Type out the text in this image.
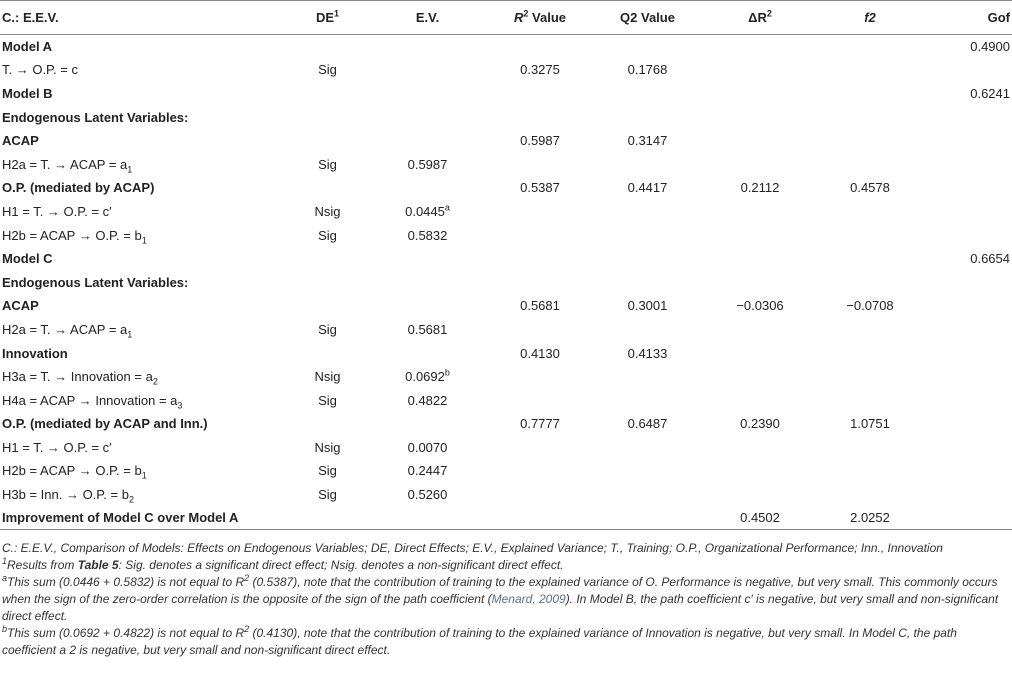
C.: E.E.V.	$DE^1$	E.V.	$R^2$ Value	Q2 Value	$\Delta R^2$	f2	Gof
Model A							0.4900
T. → O.P. = c	Sig		0.3275	0.1768			
Model B							0.6241
Endogenous Latent Variables:							
ACAP			0.5987	0.3147			
H2a = T. → ACAP = $a_1$	Sig	0.5987					
O.P. (mediated by ACAP)			0.5387	0.4417	0.2112	0.4578	
H1 = T. → O.P. = c′	Nsig	0.0445$^a$					
H2b = ACAP → O.P. = $b_1$	Sig	0.5832					
Model C							0.6654
Endogenous Latent Variables:							
ACAP			0.5681	0.3001	−0.0306	−0.0708	
H2a = T. → ACAP = $a_1$	Sig	0.5681					
Innovation			0.4130	0.4133			
H3a = T. → Innovation = $a_2$	Nsig	0.0692$^b$					
H4a = ACAP → Innovation = $a_3$	Sig	0.4822					
O.P. (mediated by ACAP and Inn.)			0.7777	0.6487	0.2390	1.0751	
H1 = T. → O.P. = c′	Nsig	0.0070					
H2b = ACAP → O.P. = $b_1$	Sig	0.2447					
H3b = Inn. → O.P. = $b_2$	Sig	0.5260					
Improvement of Model C over Model A					0.4502	2.0252	

C.: E.E.V., Comparison of Models: Effects on Endogenous Variables; DE, Direct Effects; E.V., Explained Variance; T., Training; O.P., Organizational Performance; Inn., Innovation

$^1$Results from Table 5: Sig. denotes a significant direct effect; Nsig. denotes a non-significant direct effect.

$^a$This sum (0.0446 + 0.5832) is not equal to $R^2$ (0.5387), note that the contribution of training to the explained variance of O. Performance is negative, but very small. This commonly occurs when the sign of the zero-order correlation is the opposite of the sign of the path coefficient (Menard, 2009). In Model B, the path coefficient c′ is negative, but very small and non-significant direct effect.

$^b$This sum (0.0692 + 0.4822) is not equal to $R^2$ (0.4130), note that the contribution of training to the explained variance of Innovation is negative, but very small. In Model C, the path coefficient a 2 is negative, but very small and non-significant direct effect.
